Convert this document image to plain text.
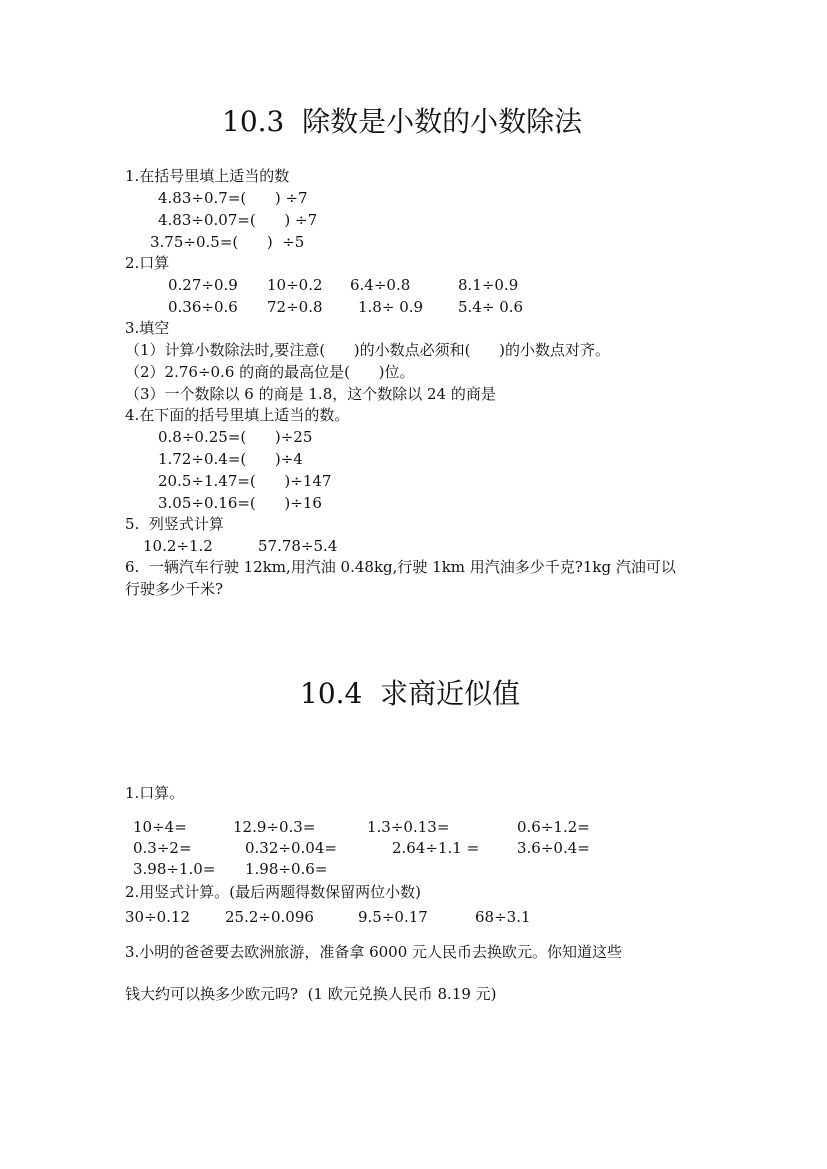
10.3  除数是小数的小数除法
1.在括号里填上适当的数
4.83÷0.7=(      ) ÷7
4.83÷0.07=(      ) ÷7
3.75÷0.5=(      )  ÷5
2.口算
0.27÷0.9 10÷0.2 6.4÷0.8	8.1÷0.9
0.36÷0.6 72÷0.8 1.8÷ 0.9 5.4÷ 0.6
3.填空
（1）计算小数除法时,要注意(      )的小数点必须和(      )的小数点对齐。
（2）2.76÷0.6 的商的最高位是(      )位。
（3）一个数除以 6 的商是 1.8，这个数除以 24 的商是
4.在下面的括号里填上适当的数。
0.8÷0.25=(      )÷25
1.72÷0.4=(      )÷4
20.5÷1.47=(      )÷147
3.05÷0.16=(      )÷16
5.  列竖式计算
10.2÷1.2	57.78÷5.4
6.  一辆汽车行驶 12km,用汽油 0.48kg,行驶 1km 用汽油多少千克?1kg 汽油可以
行驶多少千米?
10.4  求商近似值
1.口算。
10÷4=	12.9÷0.3=	1.3÷0.13=	0.6÷1.2=
0.3÷2=	0.32÷0.04=	2.64÷1.1 =	3.6÷0.4=
3.98÷1.0= 1.98÷0.6=
2.用竖式计算。(最后两题得数保留两位小数)
30÷0.12 25.2÷0.096	9.5÷0.17	68÷3.1
3.小明的爸爸要去欧洲旅游，准备拿 6000 元人民币去换欧元。你知道这些
钱大约可以换多少欧元吗?  (1 欧元兑换人民币 8.19 元)
